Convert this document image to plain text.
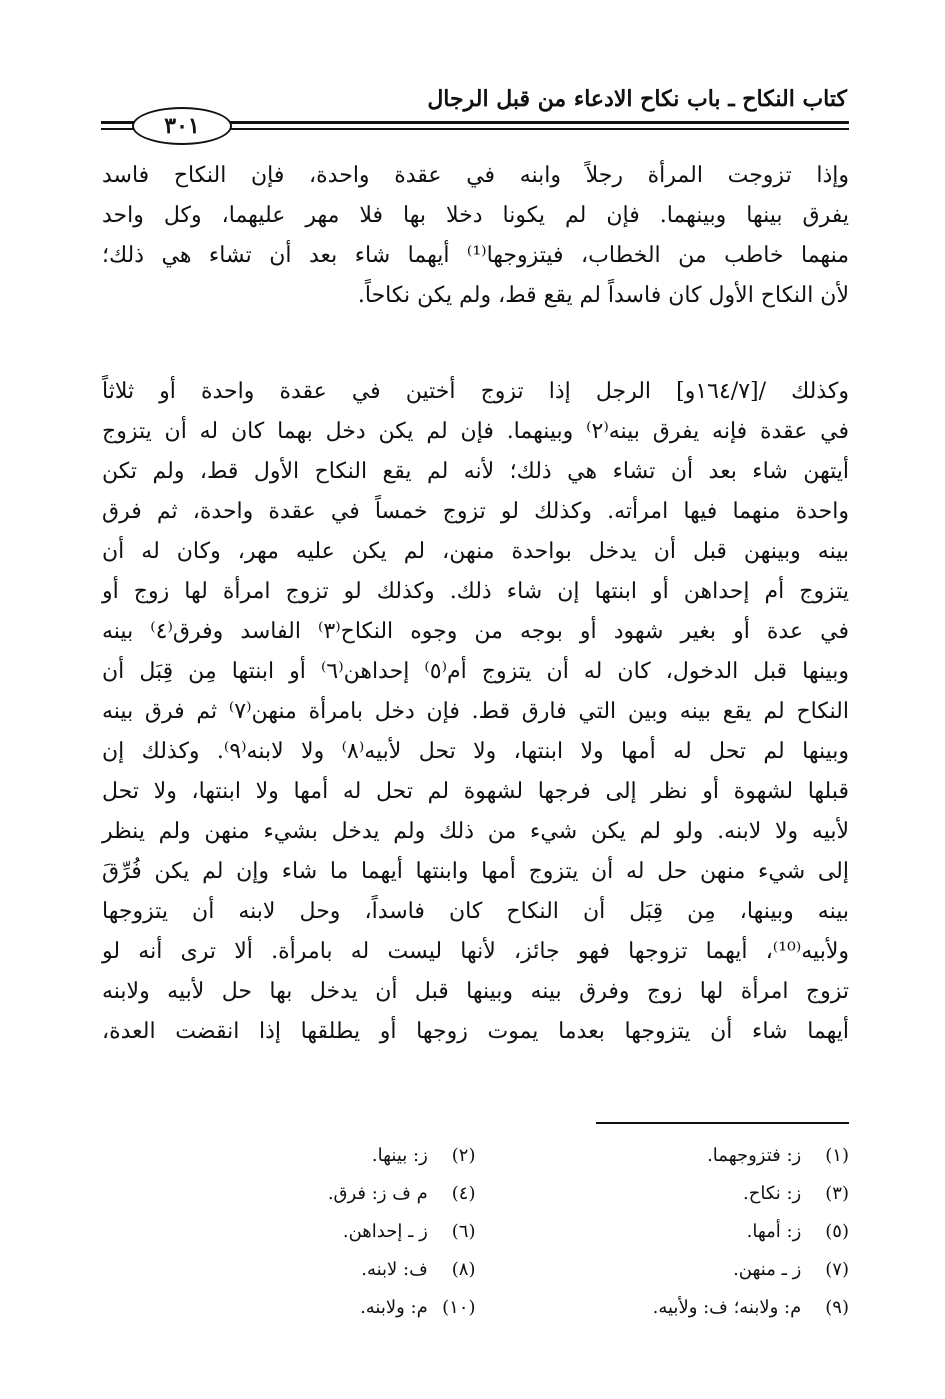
كتاب النكاح ـ باب نكاح الادعاء من قبل الرجال
٣٠١
وإذا تزوجت المرأة رجلاً وابنه في عقدة واحدة، فإن النكاح فاسد
يفرق بينها وبينهما. فإن لم يكونا دخلا بها فلا مهر عليهما، وكل واحد
منهما خاطب من الخطاب، فيتزوجها⁽¹⁾ أيهما شاء بعد أن تشاء هي ذلك؛
لأن النكاح الأول كان فاسداً لم يقع قط، ولم يكن نكاحاً.
وكذلك /[١٦٤/٧و] الرجل إذا تزوج أختين في عقدة واحدة أو ثلاثاً
في عقدة فإنه يفرق بينه⁽٢⁾ وبينهما. فإن لم يكن دخل بهما كان له أن يتزوج
أيتهن شاء بعد أن تشاء هي ذلك؛ لأنه لم يقع النكاح الأول قط، ولم تكن
واحدة منهما فيها امرأته. وكذلك لو تزوج خمساً في عقدة واحدة، ثم فرق
بينه وبينهن قبل أن يدخل بواحدة منهن، لم يكن عليه مهر، وكان له أن
يتزوج أم إحداهن أو ابنتها إن شاء ذلك. وكذلك لو تزوج امرأة لها زوج أو
في عدة أو بغير شهود أو بوجه من وجوه النكاح⁽٣⁾ الفاسد وفرق⁽٤⁾ بينه
وبينها قبل الدخول، كان له أن يتزوج أم⁽٥⁾ إحداهن⁽٦⁾ أو ابنتها مِن قِبَل أن
النكاح لم يقع بينه وبين التي فارق قط. فإن دخل بامرأة منهن⁽٧⁾ ثم فرق بينه
وبينها لم تحل له أمها ولا ابنتها، ولا تحل لأبيه⁽٨⁾ ولا لابنه⁽٩⁾. وكذلك إن
قبلها لشهوة أو نظر إلى فرجها لشهوة لم تحل له أمها ولا ابنتها، ولا تحل
لأبيه ولا لابنه. ولو لم يكن شيء من ذلك ولم يدخل بشيء منهن ولم ينظر
إلى شيء منهن حل له أن يتزوج أمها وابنتها أيهما ما شاء وإن لم يكن فُرِّقَ
بينه وبينها، مِن قِبَل أن النكاح كان فاسداً، وحل لابنه أن يتزوجها
ولأبيه⁽¹⁰⁾، أيهما تزوجها فهو جائز، لأنها ليست له بامرأة. ألا ترى أنه لو
تزوج امرأة لها زوج وفرق بينه وبينها قبل أن يدخل بها حل لأبيه ولابنه
أيهما شاء أن يتزوجها بعدما يموت زوجها أو يطلقها إذا انقضت العدة،
(١) ز: فتزوجهما.
(٢) ز: بينها.
(٣) ز: نكاح.
(٤) م ف ز: فرق.
(٥) ز: أمها.
(٦) ز ـ إحداهن.
(٧) ز ـ منهن.
(٨) ف: لابنه.
(٩) م: ولابنه؛ ف: ولأبيه.
(١٠) م: ولابنه.
